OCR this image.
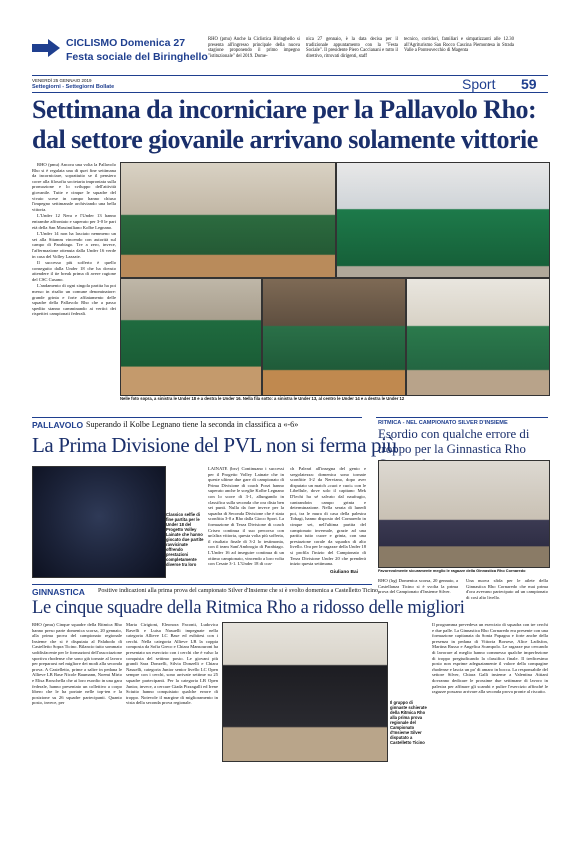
CICLISMO Domenica 27
Festa sociale del Biringhello
RHO (pmu) Anche la Ciclistica Biringhello si presenta all'ingresso principale della nuova stagione proponendo il primo impegno "istituzionale" del 2019. Dome-
nica 27 gennaio, è la data decisa per il tradizionale appuntamento con la "Festa Sociale". Il presidente Piero Caccianani e tutto il direttivo, ritrovati dirigenti, staff
tecnico, corridori, familiari e simpatizzanti alle 12.30 all'Agriturismo San Rocco Cascina Piemontesa in Strada Valle a Ponteuvecchio di Magenta
VENERDÌ 25 GENNAIO 2019
Settegiorni - Settegiorni Bollate	Sport 59
Settimana da incorniciare per la Pallavolo Rho:
dal settore giovanile arrivano solamente vittorie

RHO (pmu) Ancora una volta la Pallavolo Rho si è regalata una di quei fine settimana da incorniciare, soprattutto se il pensiero corre alla filosofia societaria improntata sulla promozione e lo sviluppo dell'attività giovanile. Tutte e cinque le squadre del vivaio scese in campo hanno chiuso l'impegno settimanale archiviando una bella vittoria.

L'Under 12 Nera e l'Under 13 hanno entrambe affrontato e superato per 3-0 le pari età della San Massimiliano Kolbe Legnano.

L'Under 14 non ha lasciato nemmeno un set alla Sitamm vincendo con autorità sul campo di Parabiago. Tre a zero, invece, l'affermazione ottenuta dalla Under 16 verde in casa del Volley Lazzate.

Il successo più sofferto è quello conseguito dalla Under 18 che ha dovuto attendere il tie break prima di avere ragione del CSC Cusano.

L'andamento di ogni singola partita ha poi messo in risalto un comune denominatore: grande grinta e forte affiatamento delle squadre della Pallavolo Rho che a passo spedito stanno camminando ai vertici dei rispettivi campionati federali.

Nelle foto sopra, a sinistra le Under 18 e a destra le Under 16. Nella fila sotto: a sinistra le Under 13, al centro le Under 14 e a destra le Under 12
PALLAVOLO Superando il Kolbe Legnano tiene la seconda in classifica a «-6»
La Prima Divisione del PVL non si ferma più
Classico selfie di fine partita per le Under 18 del Progetto Volley Lainate che hanno giocato due partite ravvicinate offrendo prestazioni completamente diverse tra loro
LAINATE (bsv) Continuano i successi per il Progetto Volley Lainate che in queste ultime due gare di campionato di Prima Divisione di coach Porzi hanno superato anche le sceglie Kolbe Legnano con lo score di 3-1, allungando in classifica sulla seconda che ora dista ben sei punti. Nulla da fare invece per la squadra di Seconda Divisione che è stata sconfitta 3-0 a Rho dalla Gioco Sport. La formazione di Terza Divisione di coach Criseo continua il suo percorso con un'altra vittoria, questa volta più sofferta, il risultato finale di 3-2 lo testimonia, con il team Sant'Ambrogio di Parabiago. L'Under 16 ad inseguire continua di un ottimo campionato, vincendo a loro volta con Cesate 3-1. L'Under 18 di coa-
ch Palearì all'insegna del genio e sregolatezza: domenica sono tornate sconfitte 3-2 da Nerviano, dopo aver disputato un match «cuoi e cuoi» con le Libellule, dove solo il capitano Mek D'lechi ha sé salvato dal naufragio, cantrandoin campo grinta e determinazione. Nella serata di lunedì poi, tra le mura di casa della palestra Tobagi, hanno disposto del Cornaredo in cinque set, nell'ultima partita del campionato invernale, grazie ad una partita tutto cuore e grinta, con una prestazione corale da squadra di alto livello. Ora per le ragazze della Under 18 si profila l'inizio del Campionato di Terza Divisione Under 20 che prenderà inizio questa settimana.
Giuliano Bai
RITMICA - NEL CAMPIONATO SILVER D'INSIEME
Esordio con qualche errore di troppo per la Ginnastica Rho
Favorevolmente sicuramente meglio le ragazze della Ginnastica Rho Cornaredo
RHO (lrg) Domenica scorsa, 20 gennaio, a Castellanza Ticino si è svolta la prima prova del Campionato d'Insieme Silver.
Una nuova sfida per le atlete della Ginnastica Rho Cornaredo che mai prima d'ora avevano partecipato ad un campionato di così alto livello.
GINNASTICA Positive indicazioni alla prima prova del campionato Silver d'Insieme che si è svolto domenica a Castelletto Ticino
Le cinque squadre della Ritmica Rho a ridosso delle migliori
RHO (pmu) Cinque squadre della Ritmica Rho hanno preso parte domenica scorsa, 20 gennaio, alla prima prova del campionato regionale Insieme che si è disputata al Palabodo di Castelletto Sopra Ticino. Bilancio tutto sommato soddisfacente per le formazioni dell'associazione sportiva rhodense che sono già tornate al lavoro per prepararsi nel migliore dei modi alla seconda prova. A Castelletto, prime a salire in pedana le Allieve LB Base Nicole Baumann, Noemi Mirto e Elisa Broschella che ai loro esordio in una gara federale, hanno presentato un collettivo a corpo libero che le ha portate nelle top-ten e la posizione su 26 squadre partecipanti. Quanto posto, invece, per
Marta Cirigioni, Eleonora Faconti, Ludovica Ravelli e Luisa Nasuelli impegnate nella categoria Allieve LC Base ed esibitesi con i cerchi. Nella categoria Allieve LB la coppia composta da Sofia Greco e Chiara Mansouroni ha presentato un esercizio con i cerchi che è valso la conquista del settimo posto. Le giovani più grandi Sara Donzelli, Silvia Donzelli e Chiara Nasuelli, categoria Junior senior livello LC Open sempre con i cerchi, sono arrivate settime su 25 squadre partecipanti. Per la categoria LB Open Junior, invece, a cercare Giada Pizzagalli ed Irene Sciutto hanno conquistato qualche errore di troppo. Notevole il margine di miglioramento in vista della seconda prova regionale.	Il gruppo di ginnaste schierate della Ritmica Rho alla prima prova regionale del Campionato d'Insieme Silver disputato a Castelletto Ticino
Il programma prevedeva un esercizio di squadra con tre cerchi e due palle. La Ginnastica Rho Cornaredo era presente con una formazione capitanata da Sonia Papagna e forte anche della presenza in pedana di Vittoria Borsese, Alice Ladisfon, Martina Russo e Angelica Scampolo. Le ragazze pur cercando di lavorare al meglio hanno commesso qualche imperfezione di troppo pregiudicando la classifica finale. Il tredicesimo posto non esprime adeguatamente il valore della compagine rhodense e lascia un po' di amaro in bocca. La responsabile del settore Silver, Chiara Galli insieme a Valentina Attianì dovranno dedicare le prossime due settimane di lavoro in palestra per affinare gli scambi e pulire l'esercizio affinché le ragazze possano arrivare alla seconda prova pronte al riscatto.
